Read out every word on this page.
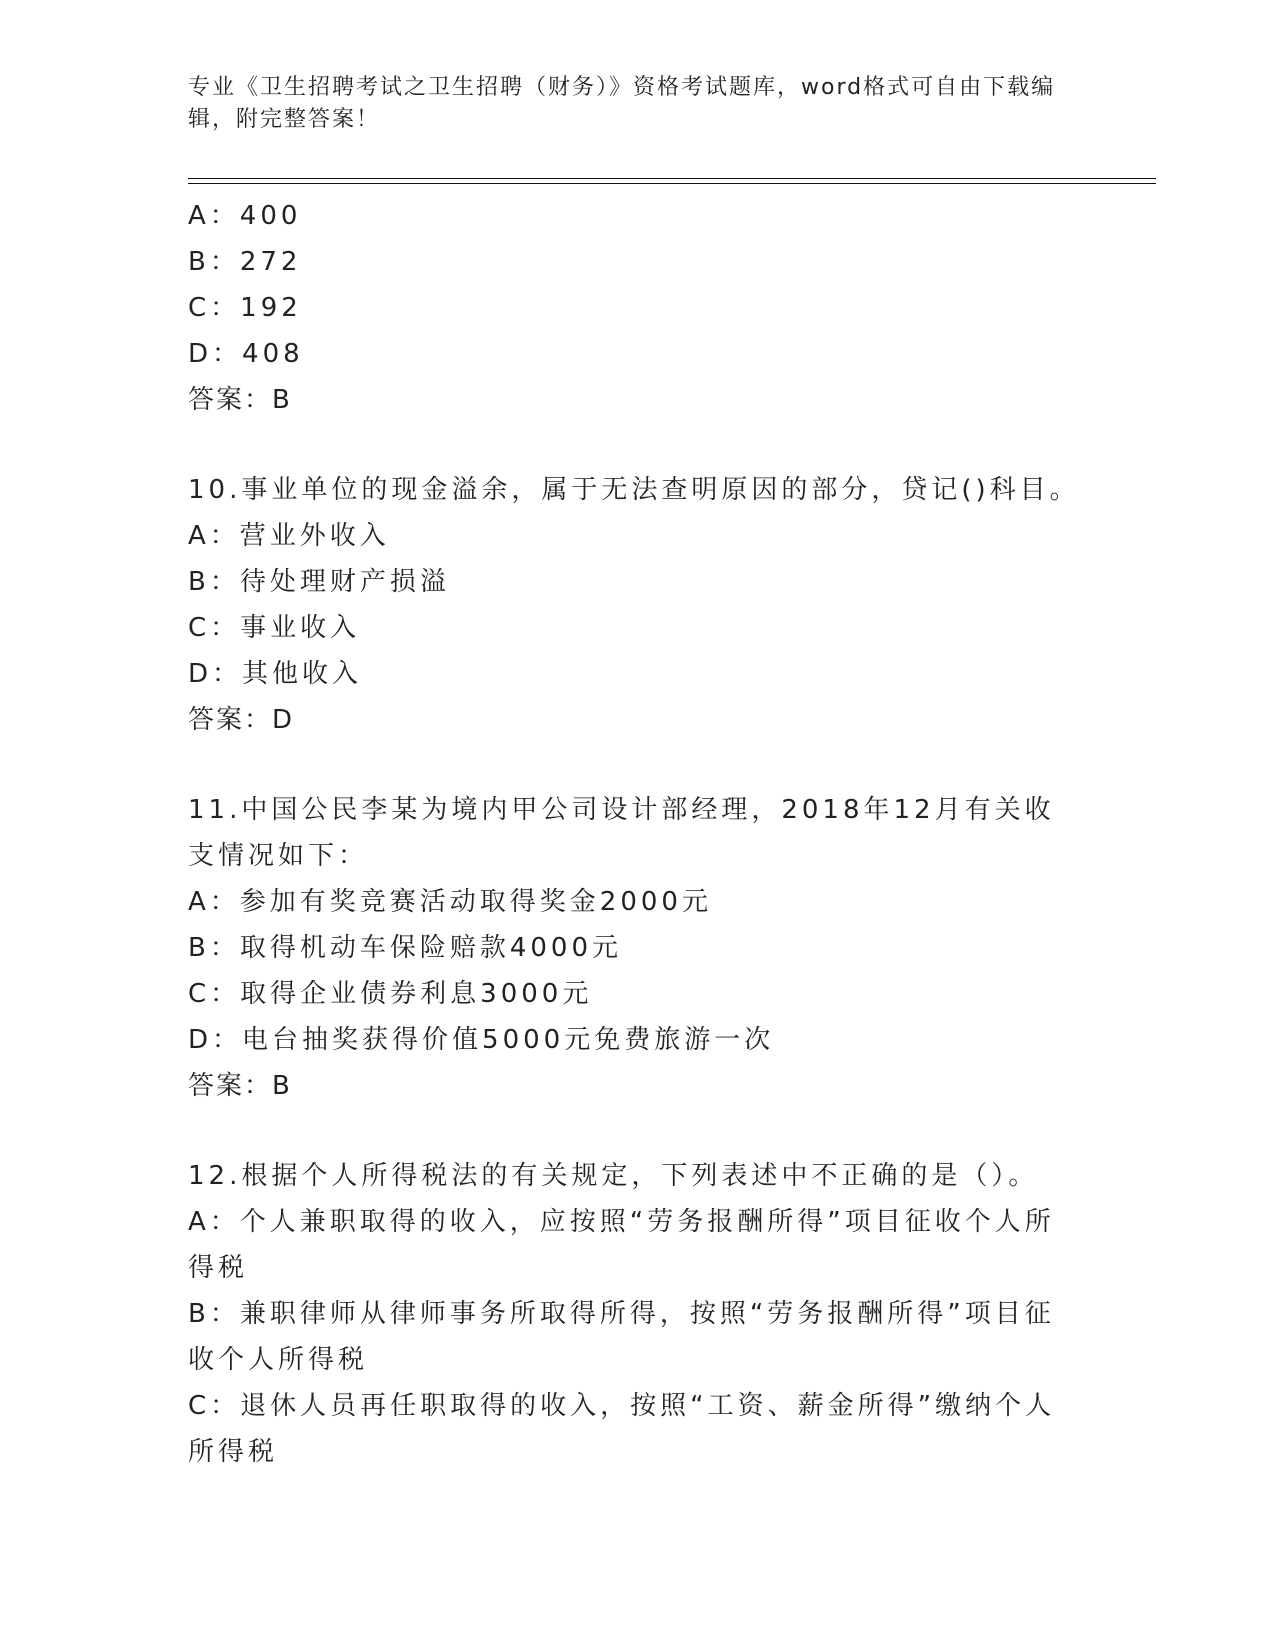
专业《卫生招聘考试之卫生招聘（财务）》资格考试题库，word格式可自由下载编辑，附完整答案！
A：400
B：272
C：192
D：408
答案：B
10.事业单位的现金溢余，属于无法查明原因的部分，贷记()科目。
A：营业外收入
B：待处理财产损溢
C：事业收入
D：其他收入
答案：D
11.中国公民李某为境内甲公司设计部经理，2018年12月有关收支情况如下：
A：参加有奖竞赛活动取得奖金2000元
B：取得机动车保险赔款4000元
C：取得企业债券利息3000元
D：电台抽奖获得价值5000元免费旅游一次
答案：B
12.根据个人所得税法的有关规定，下列表述中不正确的是（）。
A：个人兼职取得的收入，应按照“劳务报酬所得”项目征收个人所得税
B：兼职律师从律师事务所取得所得，按照“劳务报酬所得”项目征收个人所得税
C：退休人员再任职取得的收入，按照“工资、薪金所得”缴纳个人所得税
